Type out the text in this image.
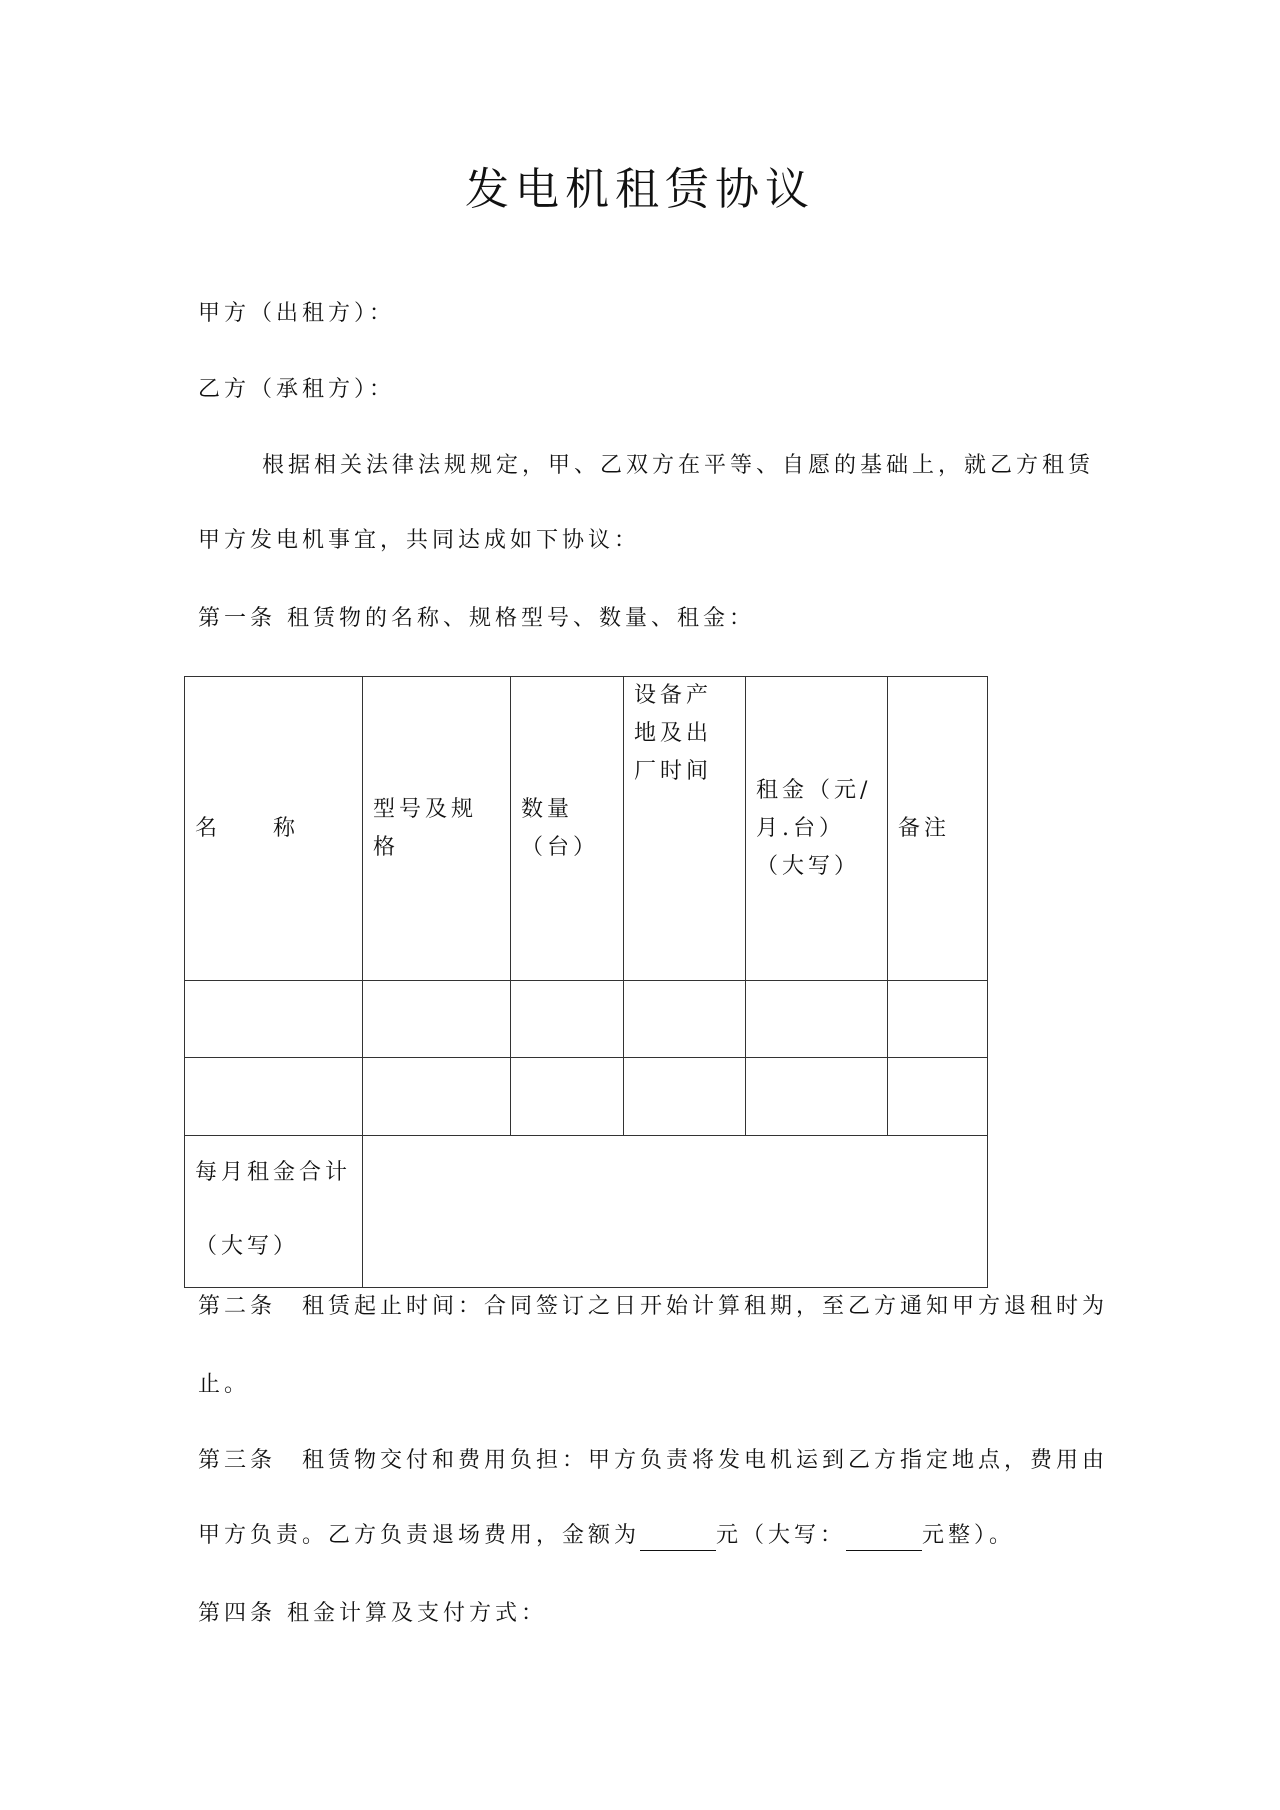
发电机租赁协议
甲方（出租方）：
乙方（承租方）：
根据相关法律法规规定，甲、乙双方在平等、自愿的基础上，就乙方租赁
甲方发电机事宜，共同达成如下协议：
第一条 租赁物的名称、规格型号、数量、租金：
名　　称	型号及规格	数量（台）	设备产地及出厂时间	租金（元/月.台）（大写）	备注

每月租金合计（大写）					
第二条　租赁起止时间：合同签订之日开始计算租期，至乙方通知甲方退租时为
止。
第三条　租赁物交付和费用负担：甲方负责将发电机运到乙方指定地点，费用由
甲方负责。乙方负责退场费用，金额为	元（大写：	元整）。
第四条 租金计算及支付方式：
